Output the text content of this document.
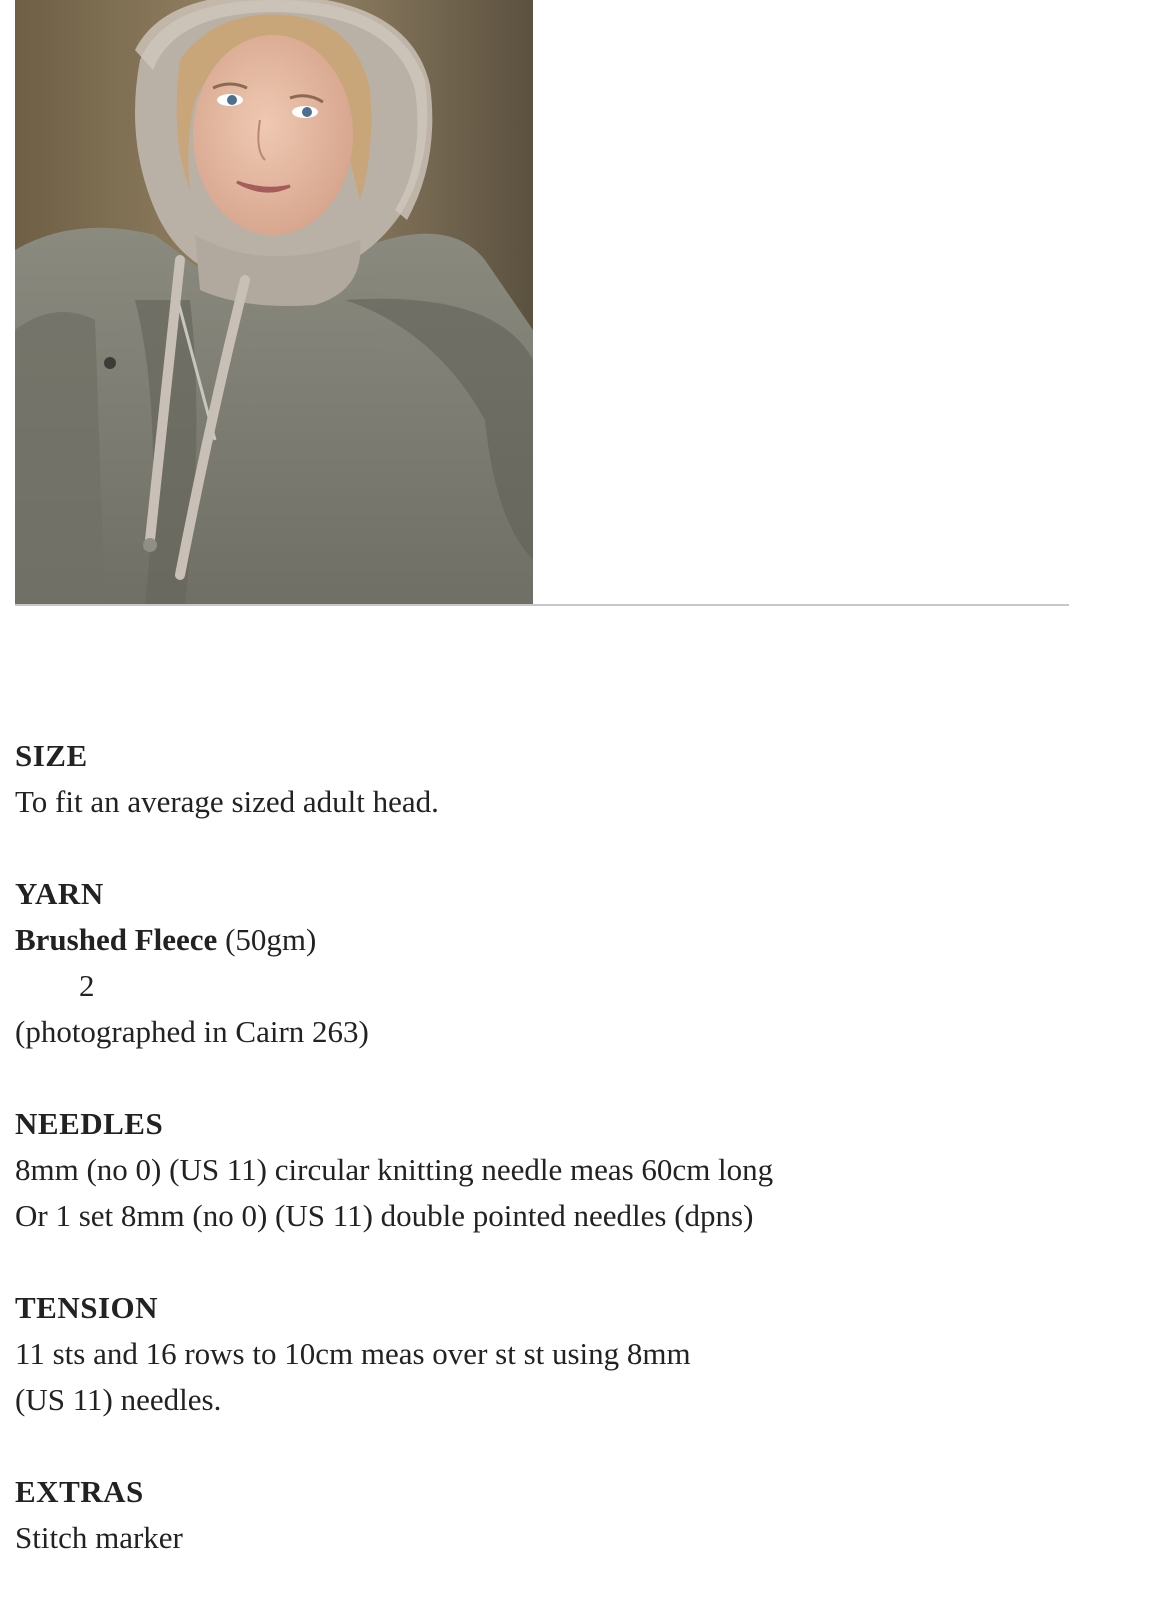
SIZE
To fit an average sized adult head.
YARN
Brushed Fleece (50gm)
2
(photographed in Cairn 263)
NEEDLES
8mm (no 0) (US 11) circular knitting needle meas 60cm long
Or 1 set 8mm (no 0) (US 11) double pointed needles (dpns)
TENSION
11 sts and 16 rows to 10cm meas over st st using 8mm
(US 11) needles.
EXTRAS
Stitch marker
